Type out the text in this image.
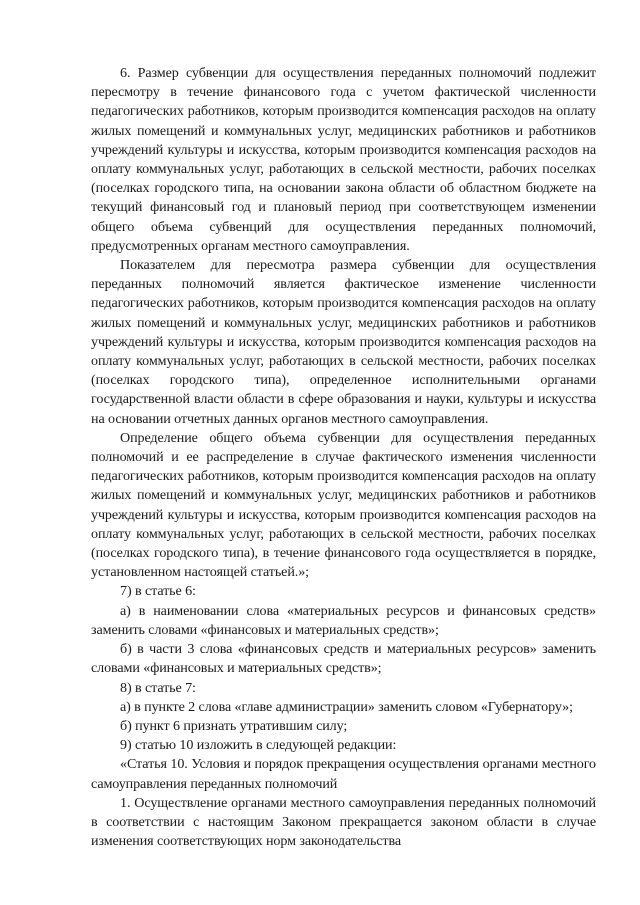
6. Размер субвенции для осуществления переданных полномочий подлежит пересмотру в течение финансового года с учетом фактической численности педагогических работников, которым производится компенсация расходов на оплату жилых помещений и коммунальных услуг, медицинских работников и работников учреждений культуры и искусства, которым производится компенсация расходов на оплату коммунальных услуг, работающих в сельской местности, рабочих поселках (поселках городского типа, на основании закона области об областном бюджете на текущий финансовый год и плановый период при соответствующем изменении общего объема субвенций для осуществления переданных полномочий, предусмотренных органам местного самоуправления.

Показателем для пересмотра размера субвенции для осуществления переданных полномочий является фактическое изменение численности педагогических работников, которым производится компенсация расходов на оплату жилых помещений и коммунальных услуг, медицинских работников и работников учреждений культуры и искусства, которым производится компенсация расходов на оплату коммунальных услуг, работающих в сельской местности, рабочих поселках (поселках городского типа), определенное исполнительными органами государственной власти области в сфере образования и науки, культуры и искусства на основании отчетных данных органов местного самоуправления.

Определение общего объема субвенции для осуществления переданных полномочий и ее распределение в случае фактического изменения численности педагогических работников, которым производится компенсация расходов на оплату жилых помещений и коммунальных услуг, медицинских работников и работников учреждений культуры и искусства, которым производится компенсация расходов на оплату коммунальных услуг, работающих в сельской местности, рабочих поселках (поселках городского типа), в течение финансового года осуществляется в порядке, установленном настоящей статьей.»;

7) в статье 6:

а) в наименовании слова «материальных ресурсов и финансовых средств» заменить словами «финансовых и материальных средств»;

б) в части 3 слова «финансовых средств и материальных ресурсов» заменить словами «финансовых и материальных средств»;

8) в статье 7:

а) в пункте 2 слова «главе администрации» заменить словом «Губернатору»;

б) пункт 6 признать утратившим силу;

9) статью 10 изложить в следующей редакции:

«Статья 10. Условия и порядок прекращения осуществления органами местного самоуправления переданных полномочий

1. Осуществление органами местного самоуправления переданных полномочий в соответствии с настоящим Законом прекращается законом области в случае изменения соответствующих норм законодательства
